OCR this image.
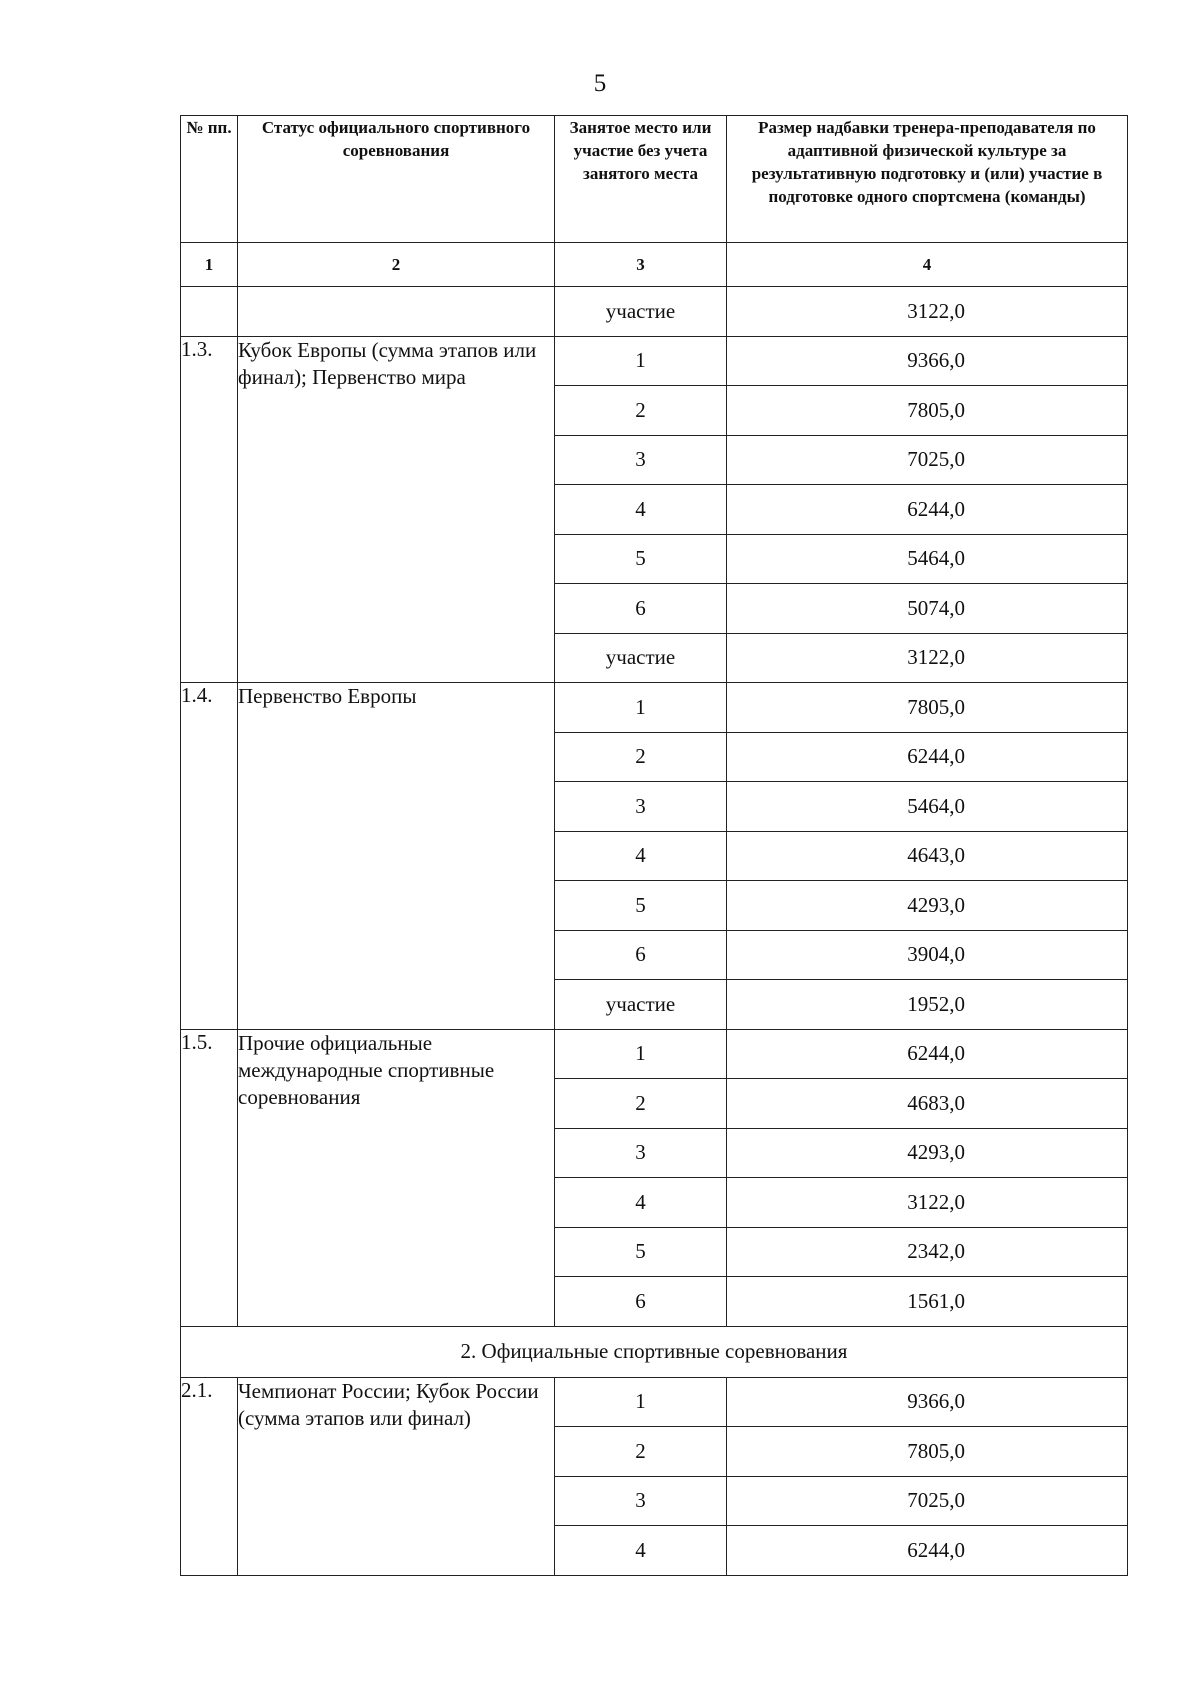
5
№ пп.	Статус официального спортивного соревнования	Занятое место или участие без учета занятого места	Размер надбавки тренера-преподавателя по адаптивной физической культуре за результативную подготовку и (или) участие в подготовке одного спортсмена (команды)
1	2	3	4
		участие	3122,0
1.3.	Кубок Европы (сумма этапов или финал); Первенство мира	1	9366,0
		2	7805,0
		3	7025,0
		4	6244,0
		5	5464,0
		6	5074,0
		участие	3122,0
1.4.	Первенство Европы	1	7805,0
		2	6244,0
		3	5464,0
		4	4643,0
		5	4293,0
		6	3904,0
		участие	1952,0
1.5.	Прочие официальные международные спортивные соревнования	1	6244,0
		2	4683,0
		3	4293,0
		4	3122,0
		5	2342,0
		6	1561,0
2. Официальные спортивные соревнования			
2.1.	Чемпионат России; Кубок России (сумма этапов или финал)	1	9366,0
		2	7805,0
		3	7025,0
		4	6244,0
